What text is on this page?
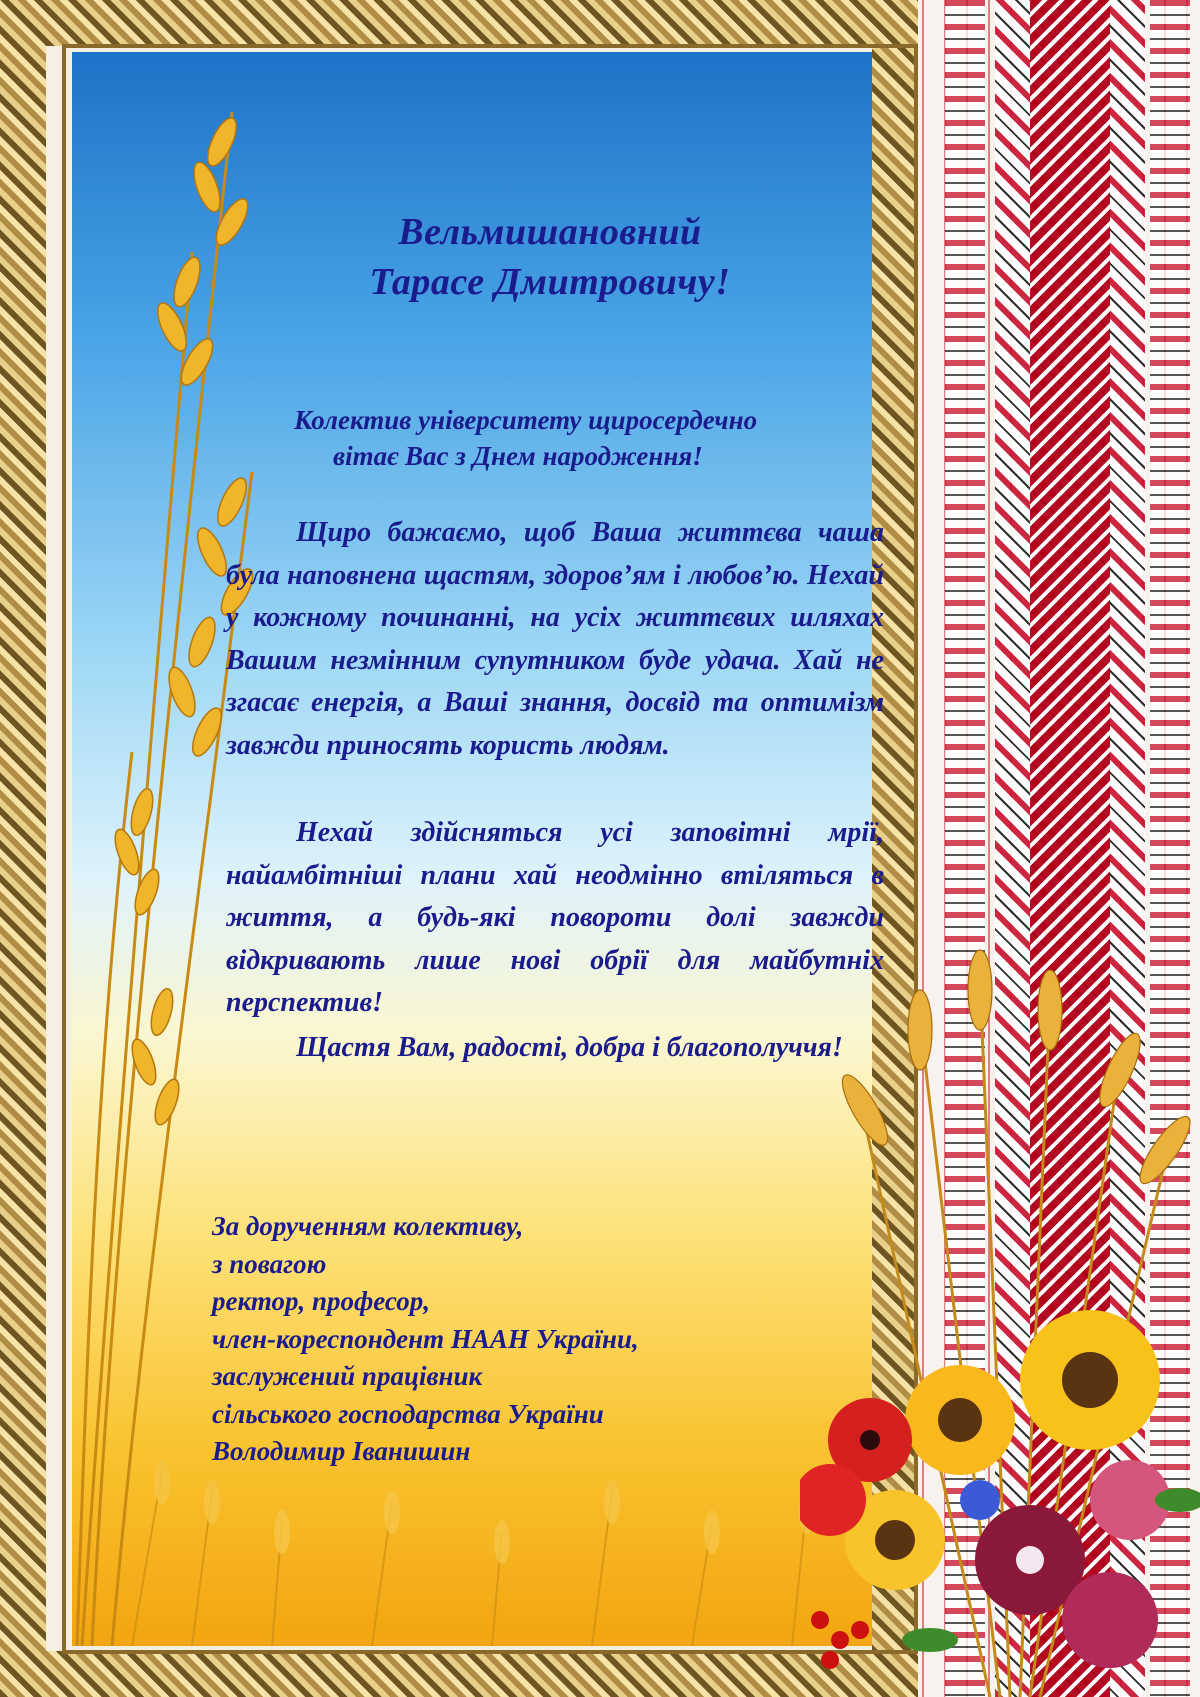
Вельмишановний
Тарасе Дмитровичу!
Колектив університету щиросердечно
вітає Вас з Днем народження!
Щиро бажаємо, щоб Ваша життєва чаша була наповнена щастям, здоров’ям і любов’ю. Нехай у кожному починанні, на усіх життєвих шляхах Вашим незмінним супутником буде удача. Хай не згасає енергія, а Ваші знання, досвід та оптимізм завжди приносять користь людям.
Нехай здійсняться усі заповітні мрії, найамбітніші плани хай неодмінно втіляться в життя, а будь-які повороти долі завжди відкривають лише нові обрії для майбутніх перспектив!
Щастя Вам, радості, добра і благополуччя!
За дорученням колективу,
з повагою
ректор, професор,
член-кореспондент НААН України,
заслужений працівник
сільського господарства України
Володимир Іванишин
